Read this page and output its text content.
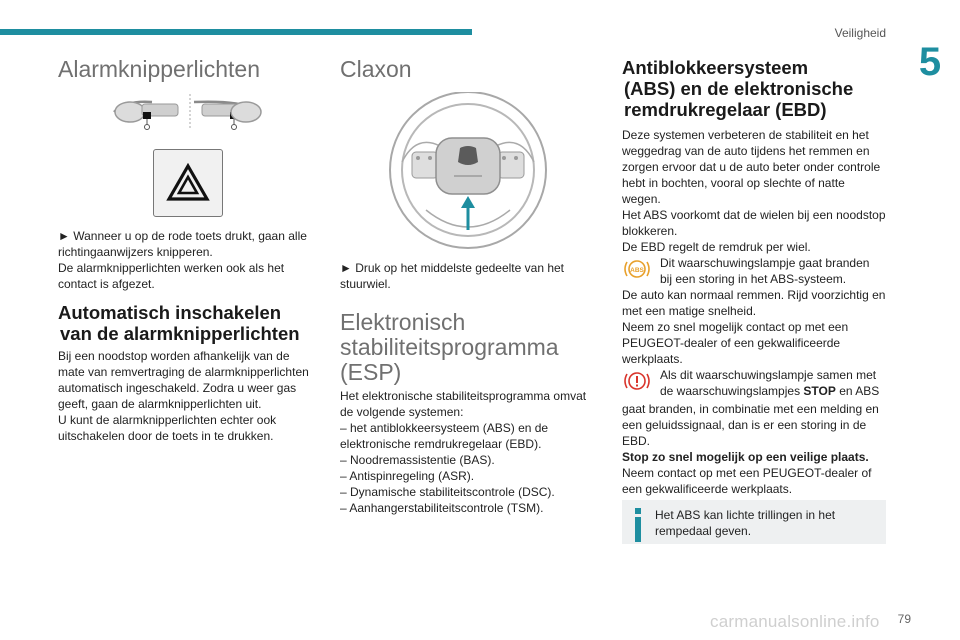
Veiligheid
5
Alarmknipperlichten

► Wanneer u op de rode toets drukt, gaan alle richtingaanwijzers knipperen.

De alarmknipperlichten werken ook als het contact is afgezet.

Automatisch inschakelen
van de alarmknipperlichten

Bij een noodstop worden afhankelijk van de mate van remvertraging de alarmknipperlichten automatisch ingeschakeld. Zodra u weer gas geeft, gaan de alarmknipperlichten uit.

U kunt de alarmknipperlichten echter ook uitschakelen door de toets in te drukken.

Claxon

► Druk op het middelste gedeelte van het stuurwiel.

Elektronisch
stabiliteitsprogramma
(ESP)

Het elektronische stabiliteitsprogramma omvat de volgende systemen:

– het antiblokkeersysteem (ABS) en de elektronische remdrukregelaar (EBD).

– Noodremassistentie (BAS).

– Antispinregeling (ASR).

– Dynamische stabiliteitscontrole (DSC).

– Aanhangerstabiliteitscontrole (TSM).

Antiblokkeersysteem
(ABS) en de elektronische
remdrukregelaar (EBD)

Deze systemen verbeteren de stabiliteit en het weggedrag van de auto tijdens het remmen en zorgen ervoor dat u de auto beter onder controle hebt in bochten, vooral op slechte of natte wegen.

Het ABS voorkomt dat de wielen bij een noodstop blokkeren.

De EBD regelt de remdruk per wiel.

ABS

Dit waarschuwingslampje gaat branden

bij een storing in het ABS-systeem.

De auto kan normaal remmen. Rijd voorzichtig en met een matige snelheid.

Neem zo snel mogelijk contact op met een PEUGEOT-dealer of een gekwalificeerde werkplaats.

Als dit waarschuwingslampje samen met

de waarschuwingslampjes STOP en ABS

gaat branden, in combinatie met een melding en een geluidssignaal, dan is er een storing in de EBD.

Stop zo snel mogelijk op een veilige plaats.

Neem contact op met een PEUGEOT-dealer of een gekwalificeerde werkplaats.

Het ABS kan lichte trillingen in het rempedaal geven.

carmanualsonline.info 79
